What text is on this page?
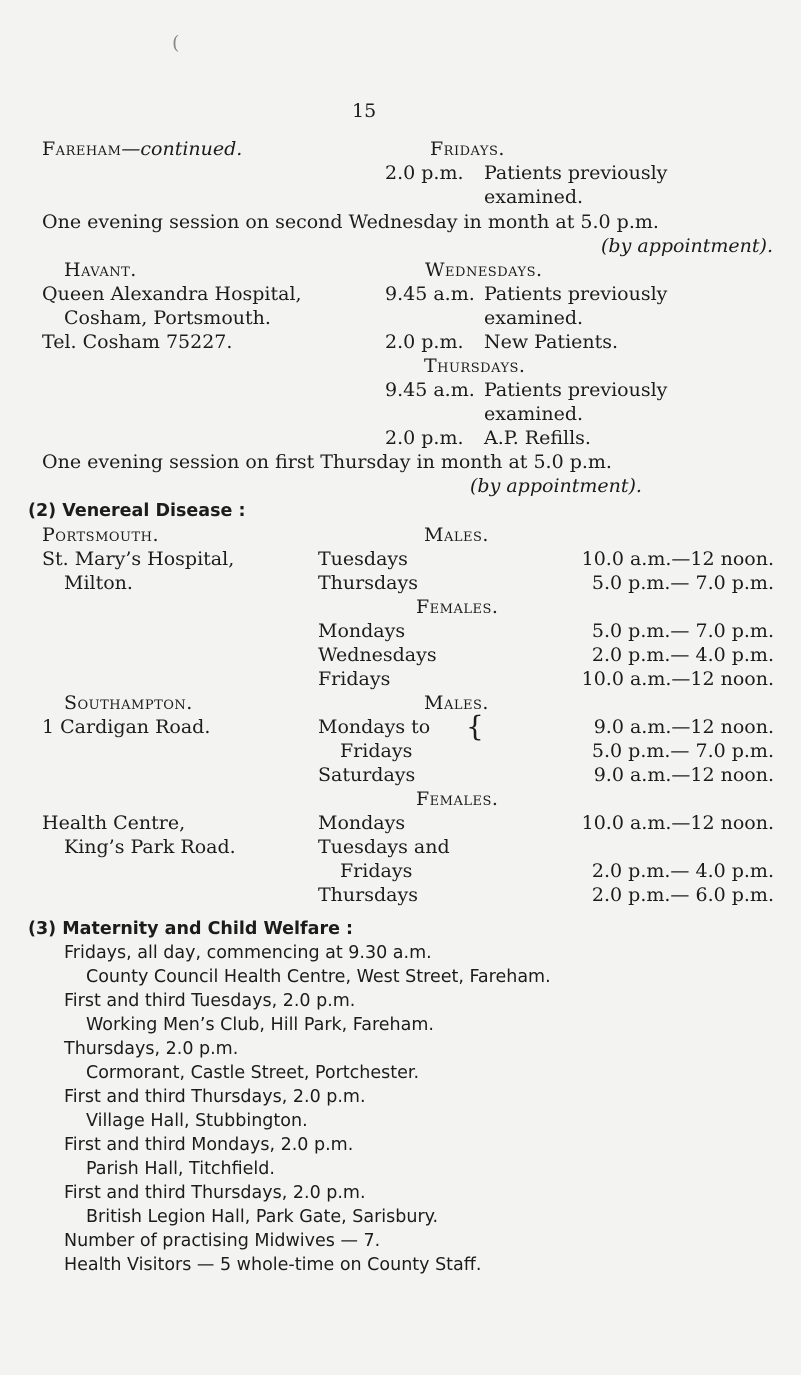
(
15
Fareham—continued.	Fridays.
2.0 p.m. Patients previously
examined.
One evening session on second Wednesday in month at 5.0 p.m.
(by appointment).
Havant.
Queen Alexandra Hospital,
Cosham, Portsmouth.
Tel. Cosham 75227.
Wednesdays.
9.45 a.m. Patients previously
examined.
2.0 p.m. New Patients.
Thursdays.
9.45 a.m. Patients previously
examined.
2.0 p.m. A.P. Refills.
One evening session on first Thursday in month at 5.0 p.m.
(by appointment).
(2) Venereal Disease :
Portsmouth.
St. Mary’s Hospital,
Milton.
Males.
Tuesdays	10.0 a.m.—12 noon.
Thursdays	5.0 p.m.— 7.0 p.m.
Females.
Mondays	5.0 p.m.— 7.0 p.m.
Wednesdays	2.0 p.m.— 4.0 p.m.
Fridays	10.0 a.m.—12 noon.
Southampton.
1 Cardigan Road.
Males.
Mondays to
Fridays
{	9.0 a.m.—12 noon.
5.0 p.m.— 7.0 p.m.
Saturdays	9.0 a.m.—12 noon.
Health Centre,
King’s Park Road.
Females.
Mondays	10.0 a.m.—12 noon.
Tuesdays and
Fridays	2.0 p.m.— 4.0 p.m.
Thursdays	2.0 p.m.— 6.0 p.m.
(3) Maternity and Child Welfare :
Fridays, all day, commencing at 9.30 a.m.
County Council Health Centre, West Street, Fareham.
First and third Tuesdays, 2.0 p.m.
Working Men’s Club, Hill Park, Fareham.
Thursdays, 2.0 p.m.
Cormorant, Castle Street, Portchester.
First and third Thursdays, 2.0 p.m.
Village Hall, Stubbington.
First and third Mondays, 2.0 p.m.
Parish Hall, Titchfield.
First and third Thursdays, 2.0 p.m.
British Legion Hall, Park Gate, Sarisbury.
Number of practising Midwives — 7.
Health Visitors — 5 whole-time on County Staff.
